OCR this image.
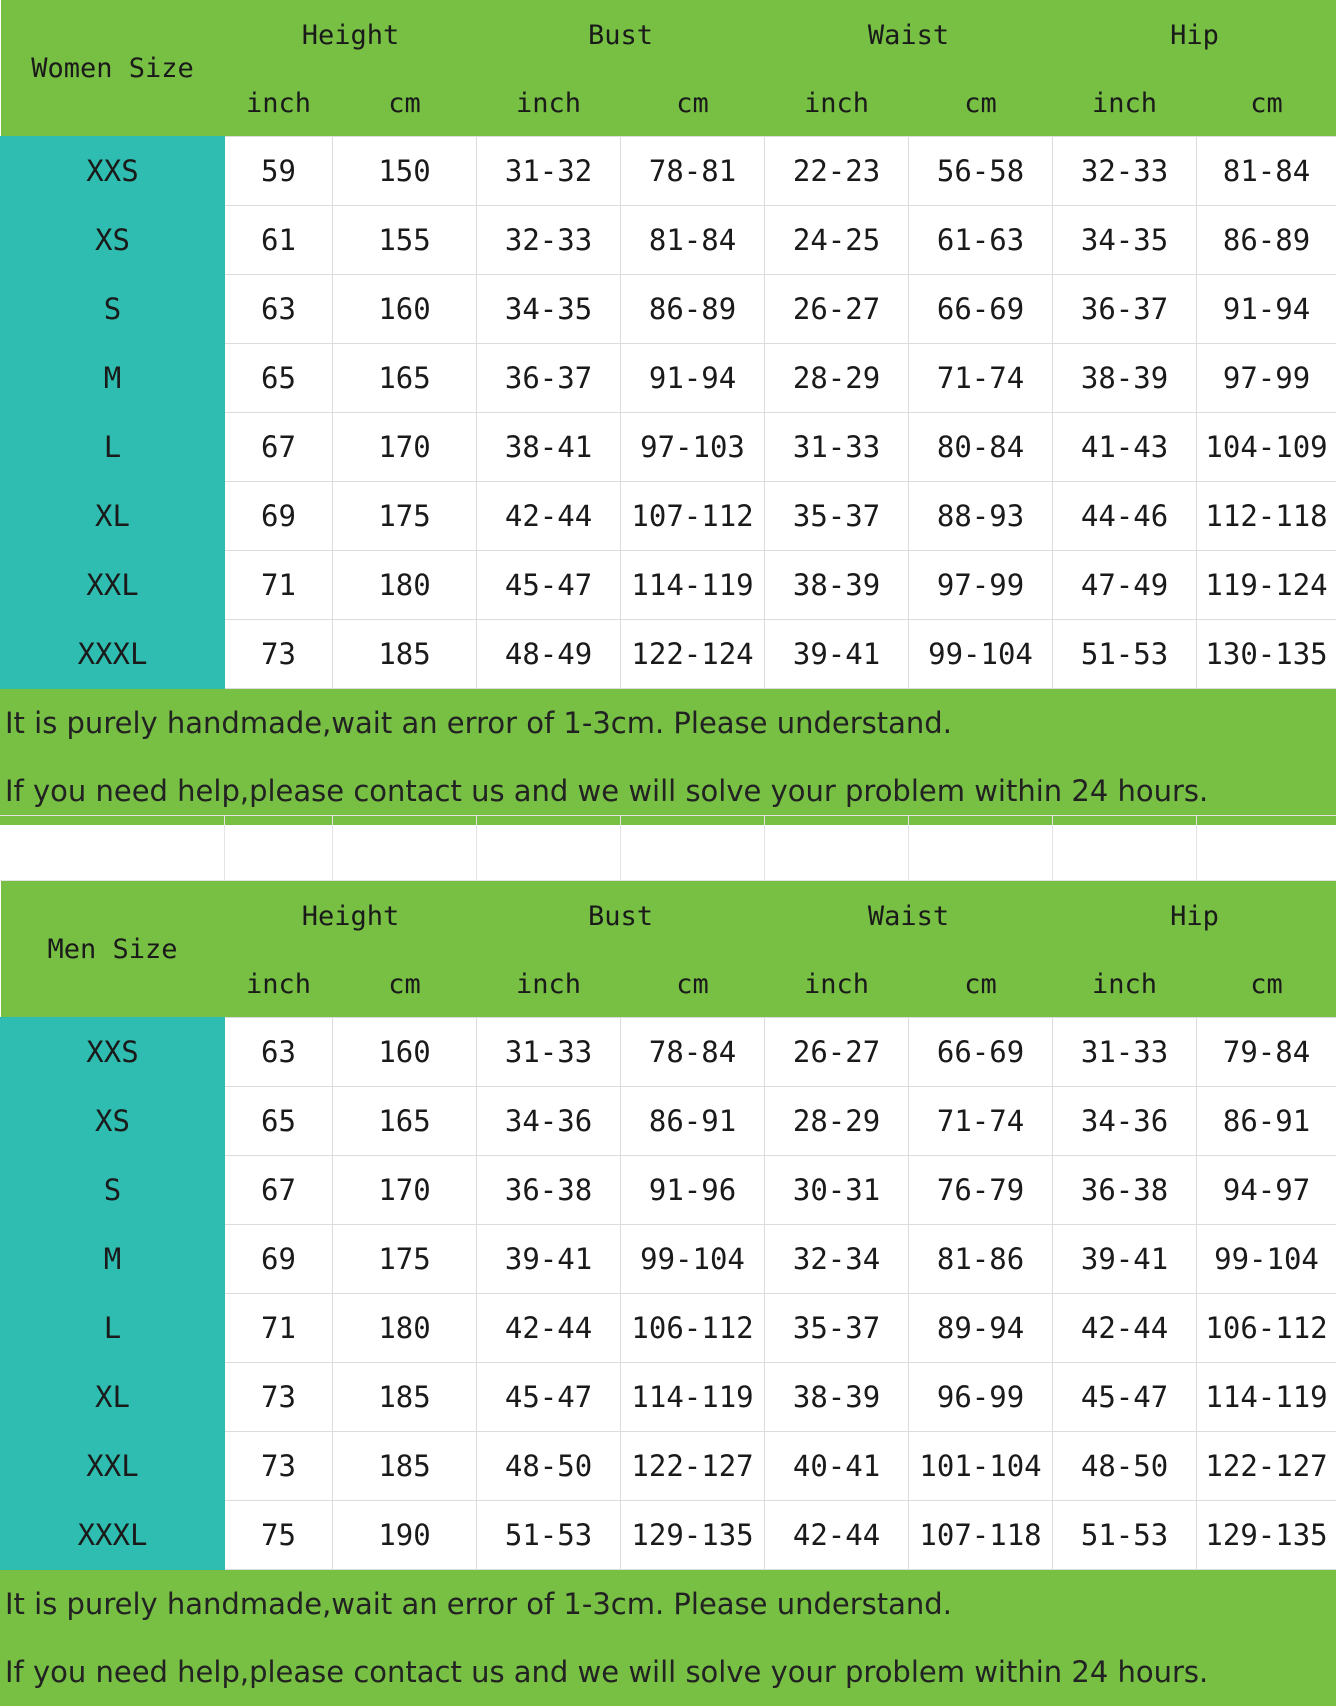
Women Size	Height		Bust		Waist		Hip	
	inch	cm	inch	cm	inch	cm	inch	cm
XXS	59	150	31-32	78-81	22-23	56-58	32-33	81-84
XS	61	155	32-33	81-84	24-25	61-63	34-35	86-89
S	63	160	34-35	86-89	26-27	66-69	36-37	91-94
M	65	165	36-37	91-94	28-29	71-74	38-39	97-99
L	67	170	38-41	97-103	31-33	80-84	41-43	104-109
XL	69	175	42-44	107-112	35-37	88-93	44-46	112-118
XXL	71	180	45-47	114-119	38-39	97-99	47-49	119-124
XXXL	73	185	48-49	122-124	39-41	99-104	51-53	130-135
It is purely handmade,wait an error of 1-3cm. Please understand.
If you need help,please contact us and we will solve your problem within 24 hours.

Men Size	Height		Bust		Waist		Hip	
	inch	cm	inch	cm	inch	cm	inch	cm
XXS	63	160	31-33	78-84	26-27	66-69	31-33	79-84
XS	65	165	34-36	86-91	28-29	71-74	34-36	86-91
S	67	170	36-38	91-96	30-31	76-79	36-38	94-97
M	69	175	39-41	99-104	32-34	81-86	39-41	99-104
L	71	180	42-44	106-112	35-37	89-94	42-44	106-112
XL	73	185	45-47	114-119	38-39	96-99	45-47	114-119
XXL	73	185	48-50	122-127	40-41	101-104	48-50	122-127
XXXL	75	190	51-53	129-135	42-44	107-118	51-53	129-135
It is purely handmade,wait an error of 1-3cm. Please understand.
If you need help,please contact us and we will solve your problem within 24 hours.
